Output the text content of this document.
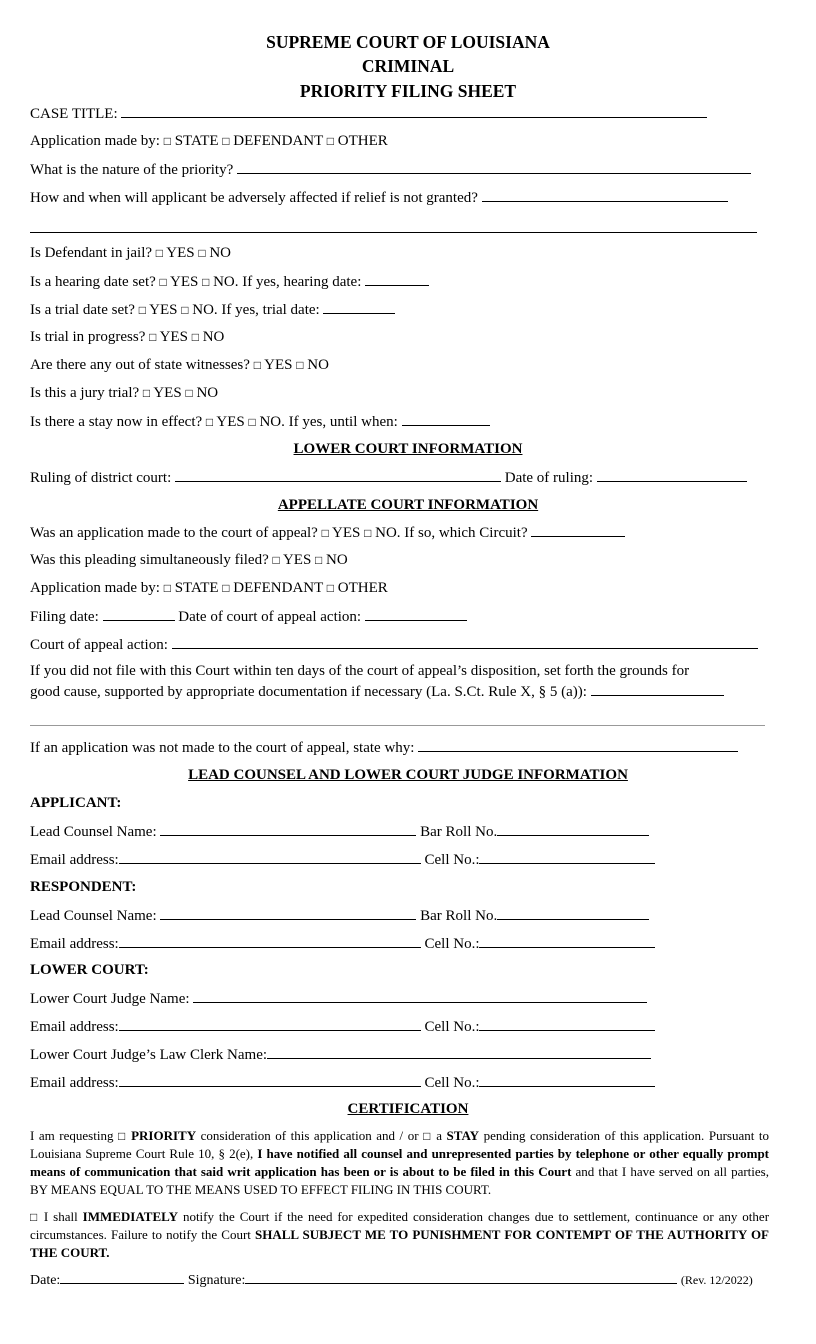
SUPREME COURT OF LOUISIANA
CRIMINAL
PRIORITY FILING SHEET
CASE TITLE:
Application made by: □ STATE □ DEFENDANT □ OTHER
What is the nature of the priority?
How and when will applicant be adversely affected if relief is not granted?
Is Defendant in jail? □ YES □ NO
Is a hearing date set? □ YES □ NO. If yes, hearing date:
Is a trial date set? □ YES □ NO. If yes, trial date:
Is trial in progress? □ YES □ NO
Are there any out of state witnesses? □ YES □ NO
Is this a jury trial? □ YES □ NO
Is there a stay now in effect? □ YES □ NO. If yes, until when:
LOWER COURT INFORMATION
Ruling of district court:	Date of ruling:
APPELLATE COURT INFORMATION
Was an application made to the court of appeal? □ YES □ NO. If so, which Circuit?
Was this pleading simultaneously filed? □ YES □ NO
Application made by: □ STATE □ DEFENDANT □ OTHER
Filing date:	Date of court of appeal action:
Court of appeal action:
If you did not file with this Court within ten days of the court of appeal’s disposition, set forth the grounds for
good cause, supported by appropriate documentation if necessary (La. S.Ct. Rule X, § 5 (a)):
If an application was not made to the court of appeal, state why:
LEAD COUNSEL AND LOWER COURT JUDGE INFORMATION
APPLICANT:
Lead Counsel Name:	Bar Roll No.
Email address:	Cell No.:
RESPONDENT:
Lead Counsel Name:	Bar Roll No.
Email address:	Cell No.:
LOWER COURT:
Lower Court Judge Name:
Email address:	Cell No.:
Lower Court Judge’s Law Clerk Name:
Email address:	Cell No.:
CERTIFICATION
I am requesting □ PRIORITY consideration of this application and / or □ a STAY pending consideration of this application. Pursuant to Louisiana Supreme Court Rule 10, § 2(e), I have notified all counsel and unrepresented parties by telephone or other equally prompt means of communication that said writ application has been or is about to be filed in this Court and that I have served on all parties, BY MEANS EQUAL TO THE MEANS USED TO EFFECT FILING IN THIS COURT.
□ I shall IMMEDIATELY notify the Court if the need for expedited consideration changes due to settlement, continuance or any other circumstances. Failure to notify the Court SHALL SUBJECT ME TO PUNISHMENT FOR CONTEMPT OF THE AUTHORITY OF THE COURT.
Date:	Signature:	(Rev. 12/2022)
